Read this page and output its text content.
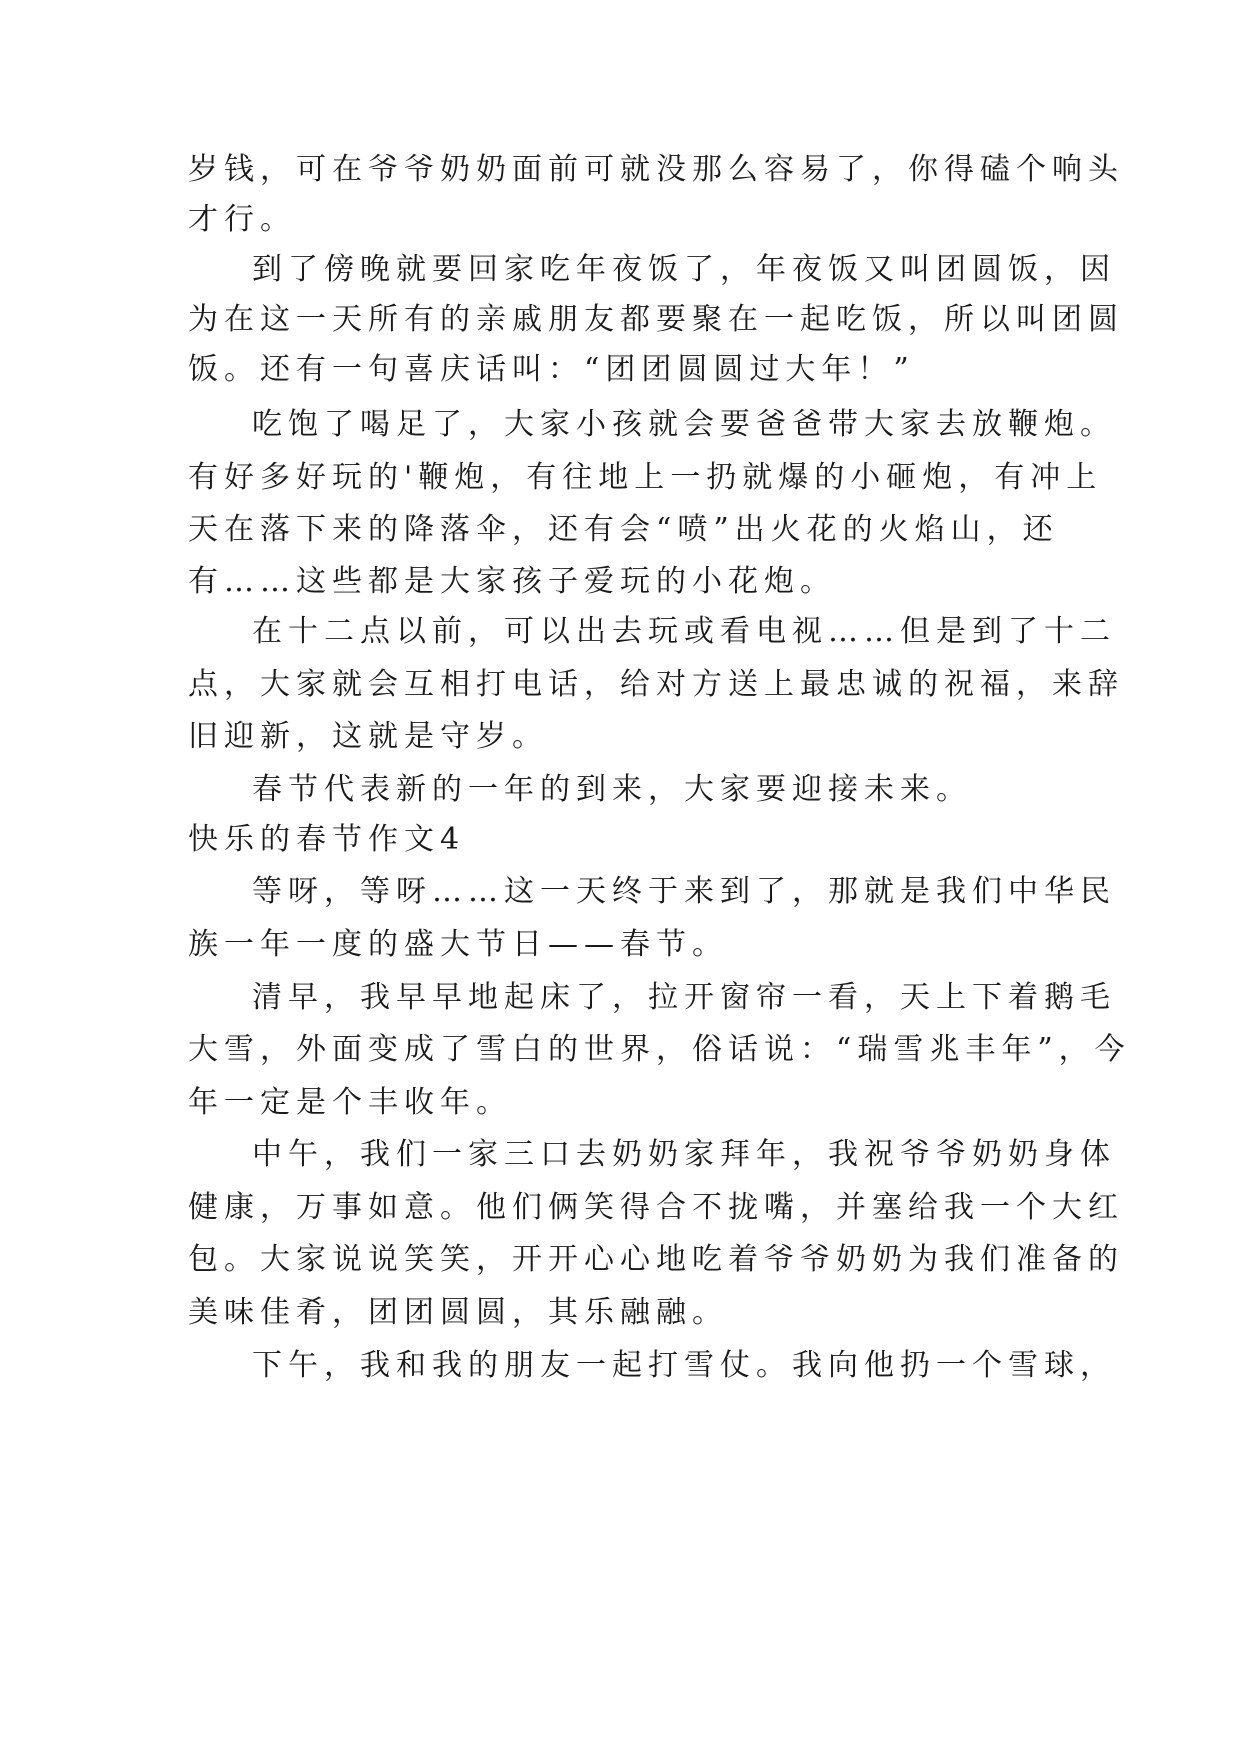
岁钱，可在爷爷奶奶面前可就没那么容易了，你得磕个响头
才行。
到了傍晚就要回家吃年夜饭了，年夜饭又叫团圆饭，因
为在这一天所有的亲戚朋友都要聚在一起吃饭，所以叫团圆
饭。还有一句喜庆话叫：“团团圆圆过大年！”
吃饱了喝足了，大家小孩就会要爸爸带大家去放鞭炮。
有好多好玩的'鞭炮，有往地上一扔就爆的小砸炮，有冲上
天在落下来的降落伞，还有会“喷”出火花的火焰山，还
有……这些都是大家孩子爱玩的小花炮。
在十二点以前，可以出去玩或看电视……但是到了十二
点，大家就会互相打电话，给对方送上最忠诚的祝福，来辞
旧迎新，这就是守岁。
春节代表新的一年的到来，大家要迎接未来。
快乐的春节作文4
等呀，等呀……这一天终于来到了，那就是我们中华民
族一年一度的盛大节日——春节。
清早，我早早地起床了，拉开窗帘一看，天上下着鹅毛
大雪，外面变成了雪白的世界，俗话说：“瑞雪兆丰年”，今
年一定是个丰收年。
中午，我们一家三口去奶奶家拜年，我祝爷爷奶奶身体
健康，万事如意。他们俩笑得合不拢嘴，并塞给我一个大红
包。大家说说笑笑，开开心心地吃着爷爷奶奶为我们准备的
美味佳肴，团团圆圆，其乐融融。
下午，我和我的朋友一起打雪仗。我向他扔一个雪球，
